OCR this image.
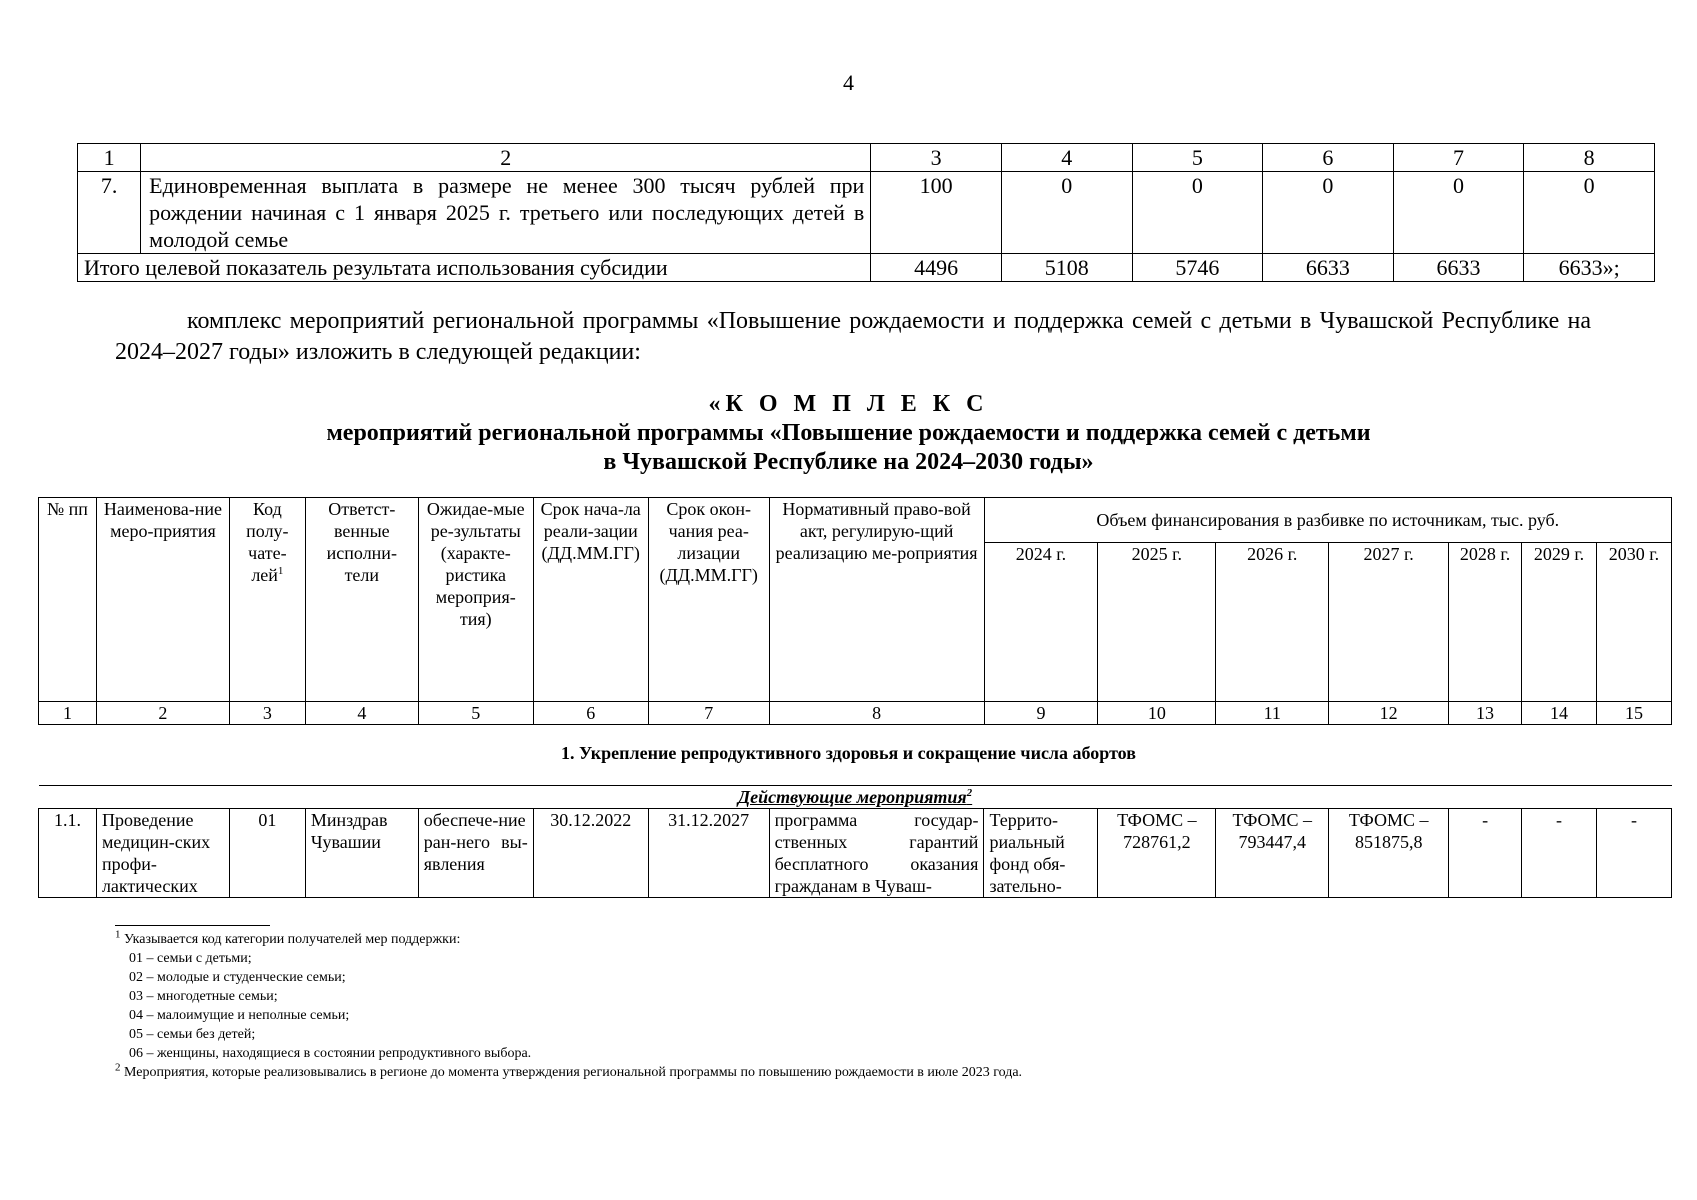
4
1	2	3	4	5	6	7	8
7.	Единовременная выплата в размере не менее 300 тысяч рублей при рождении начиная с 1 января 2025 г. третьего или последующих детей в молодой семье	100	0	0	0	0	0
Итого целевой показатель результата использования субсидии		4496	5108	5746	6633	6633	6633»;
комплекс мероприятий региональной программы «Повышение рождаемости и поддержка семей с детьми в Чувашской Республике на 2024–2027 годы» изложить в следующей редакции:
«К О М П Л Е К С
мероприятий региональной программы «Повышение рождаемости и поддержка семей с детьми
в Чувашской Республике на 2024–2030 годы»
№ пп	Наименова-ние меро-приятия	Код полу-чате-лей$^1$	Ответст-венные исполни-тели	Ожидае-мые ре-зультаты (характе-ристика мероприя-тия)	Срок нача-ла реали-зации (ДД.ММ.ГГ)	Срок окон-чания реа-лизации (ДД.ММ.ГГ)	Нормативный право-вой акт, регулирую-щий реализацию ме-роприятия	Объем финансирования в разбивке по источникам, тыс. руб.						
								2024 г.	2025 г.	2026 г.	2027 г.	2028 г.	2029 г.	2030 г.
1	2	3	4	5	6	7	8	9	10	11	12	13	14	15
1. Укрепление репродуктивного здоровья и сокращение числа абортов
Действующие мероприятия$^2$
1.1.	Проведение медицин-ских профи-лактических	01	Минздрав Чувашии	обеспече-ние ран-него вы-явления	30.12.2022	31.12.2027	программа государ-ственных гарантий бесплатного оказания гражданам в Чуваш-	Террито-риальный фонд обя-зательно-	ТФОМС – 728761,2	ТФОМС – 793447,4	ТФОМС – 851875,8	-	-	-
$^1$ Указывается код категории получателей мер поддержки:
01 – семьи с детьми;
02 – молодые и студенческие семьи;
03 – многодетные семьи;
04 – малоимущие и неполные семьи;
05 – семьи без детей;
06 – женщины, находящиеся в состоянии репродуктивного выбора.
$^2$ Мероприятия, которые реализовывались в регионе до момента утверждения региональной программы по повышению рождаемости в июле 2023 года.
